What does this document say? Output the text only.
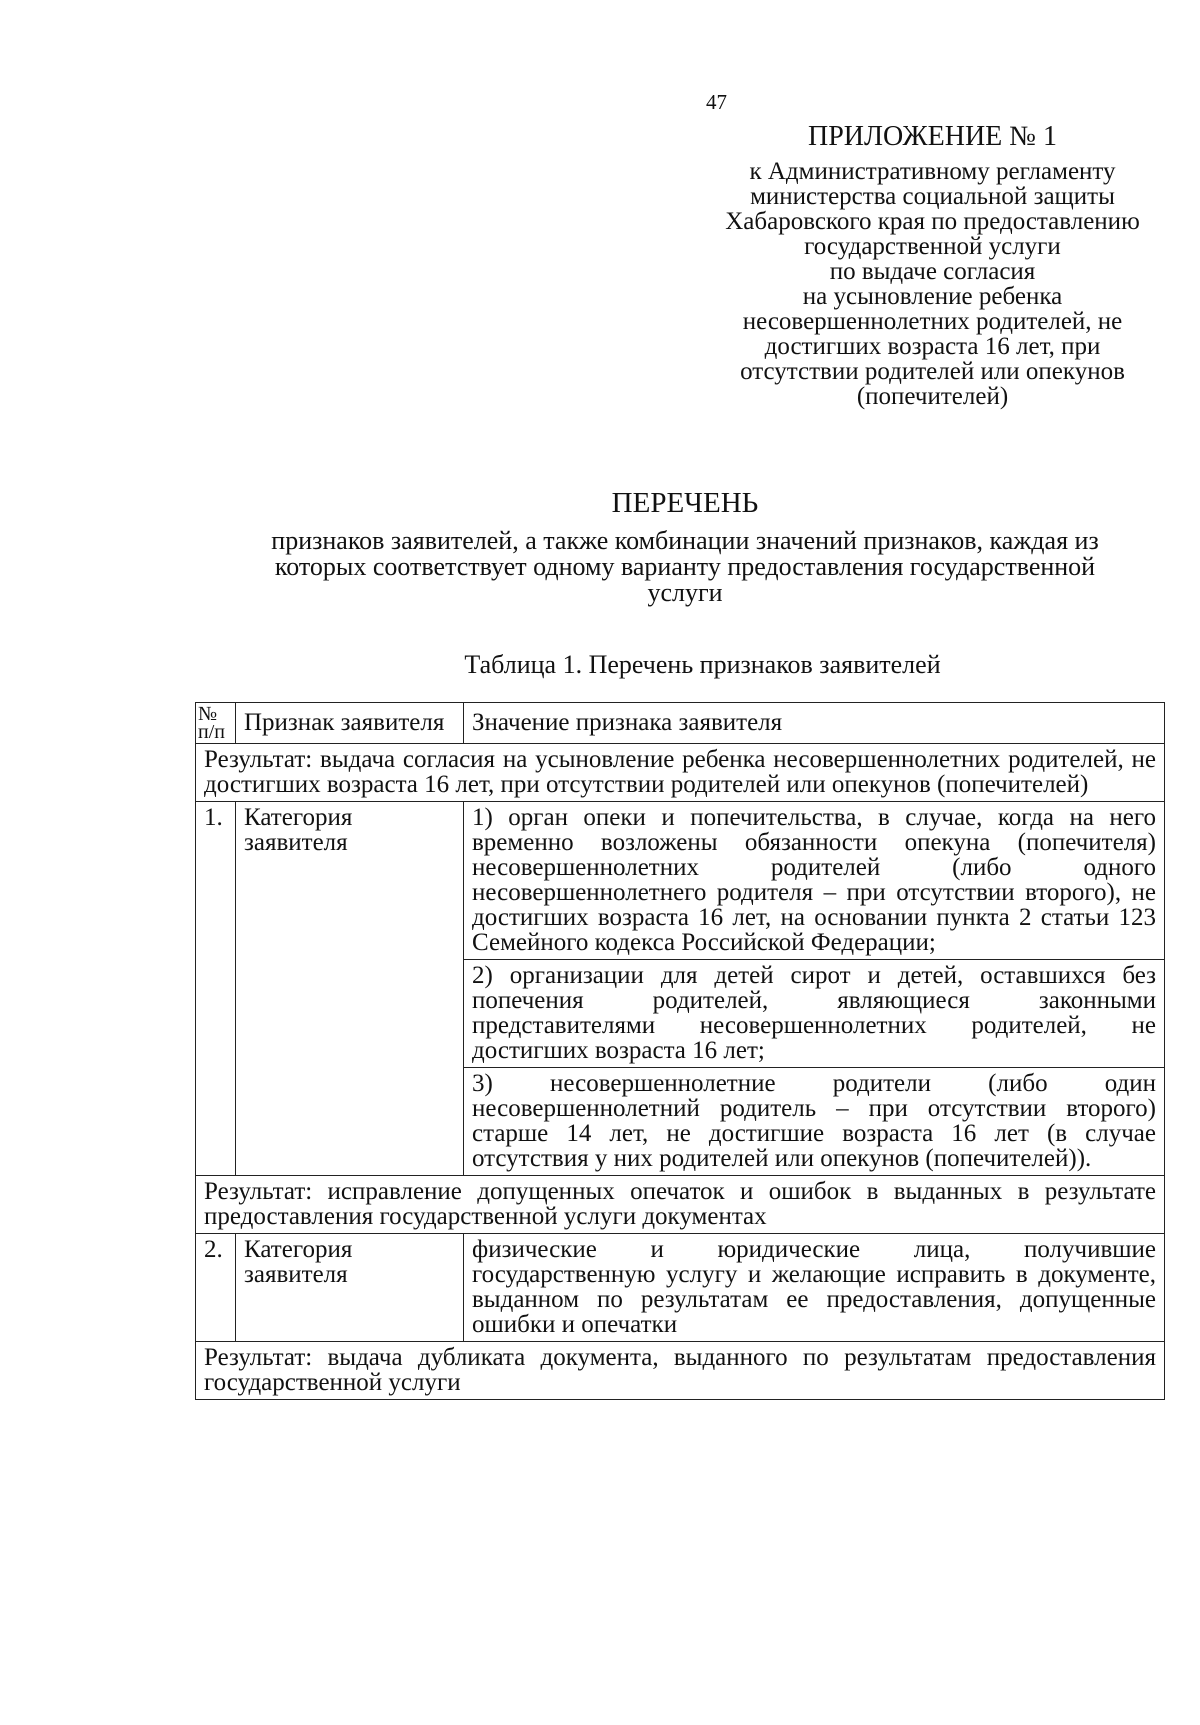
47
ПРИЛОЖЕНИЕ № 1
к Административному регламенту
министерства социальной защиты
Хабаровского края по предоставлению
государственной услуги
по выдаче согласия
на усыновление ребенка
несовершеннолетних родителей, не
достигших возраста 16 лет, при
отсутствии родителей или опекунов
(попечителей)
ПЕРЕЧЕНЬ
признаков заявителей, а также комбинации значений признаков, каждая из
которых соответствует одному варианту предоставления государственной
услуги
Таблица 1. Перечень признаков заявителей
№
п/п	Признак заявителя	Значение признака заявителя
Результат: выдача согласия на усыновление ребенка несовершеннолетних родителей, не достигших возраста 16 лет, при отсутствии родителей или опекунов (попечителей)		
1.	Категория заявителя	1) орган опеки и попечительства, в случае, когда на него временно возложены обязанности опекуна (попечителя) несовершеннолетних родителей (либо одного несовершеннолетнего родителя – при отсутствии второго), не достигших возраста 16 лет, на основании пункта 2 статьи 123 Семейного кодекса Российской Федерации;
		2) организации для детей сирот и детей, оставшихся без попечения родителей, являющиеся законными представителями несовершеннолетних родителей, не достигших возраста 16 лет;
		3) несовершеннолетние родители (либо один несовершеннолетний родитель – при отсутствии второго) старше 14 лет, не достигшие возраста 16 лет (в случае отсутствия у них родителей или опекунов (попечителей)).
Результат: исправление допущенных опечаток и ошибок в выданных в результате предоставления государственной услуги документах		
2.	Категория заявителя	физические и юридические лица, получившие государственную услугу и желающие исправить в документе, выданном по результатам ее предоставления, допущенные ошибки и опечатки
Результат: выдача дубликата документа, выданного по результатам предоставления государственной услуги		
